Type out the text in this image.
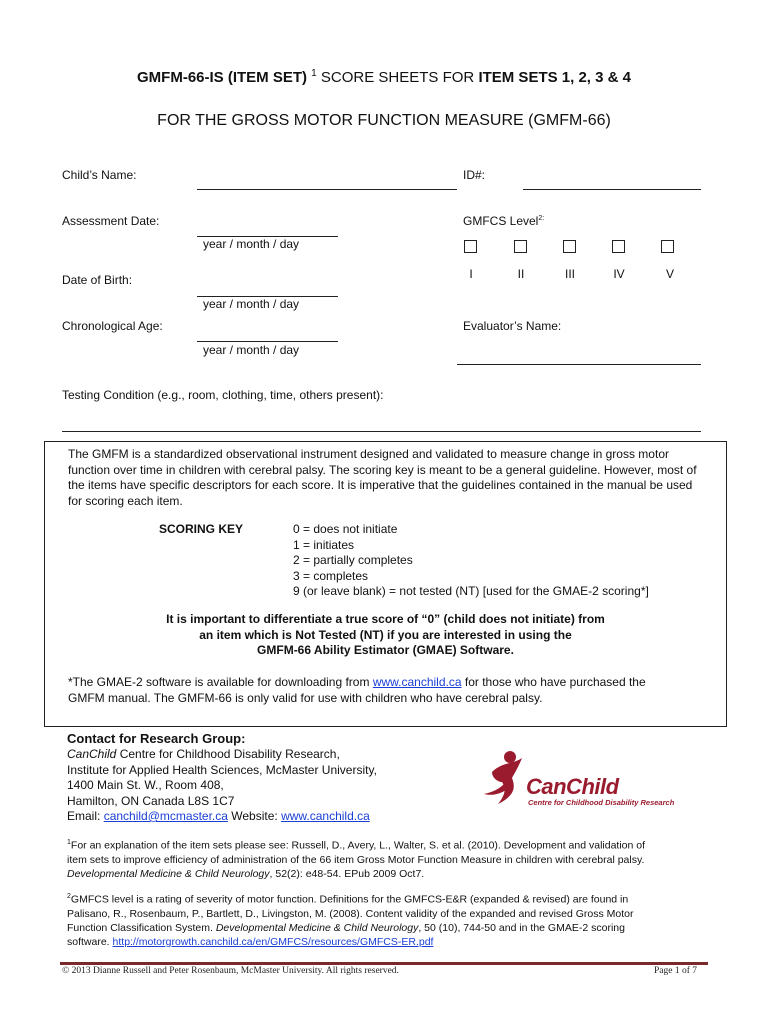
GMFM-66-IS (ITEM SET) $^1$ SCORE SHEETS FOR ITEM SETS 1, 2, 3 & 4
FOR THE GROSS MOTOR FUNCTION MEASURE (GMFM-66)
Child’s Name:	ID#:
Assessment Date:
year / month / day
GMFCS Level$^{2:}$
I	II	III	IV	V
Date of Birth:
year / month / day
Chronological Age:
year / month / day
Evaluator’s Name:
Testing Condition (e.g., room, clothing, time, others present):
The GMFM is a standardized observational instrument designed and validated to measure change in gross motor function over time in children with cerebral palsy. The scoring key is meant to be a general guideline. However, most of the items have specific descriptors for each score. It is imperative that the guidelines contained in the manual be used for scoring each item.
SCORING KEY	0 = does not initiate
1 = initiates
2 = partially completes
3 = completes
9 (or leave blank) = not tested (NT) [used for the GMAE-2 scoring*]
It is important to differentiate a true score of “0” (child does not initiate) from
an item which is Not Tested (NT) if you are interested in using the
GMFM-66 Ability Estimator (GMAE) Software.
*The GMAE-2 software is available for downloading from www.canchild.ca for those who have purchased the
GMFM manual. The GMFM-66 is only valid for use with children who have cerebral palsy.
Contact for Research Group:
CanChild Centre for Childhood Disability Research,
Institute for Applied Health Sciences, McMaster University,
1400 Main St. W., Room 408,
Hamilton, ON Canada L8S 1C7
Email: canchild@mcmaster.ca Website: www.canchild.ca
CanChild
Centre for Childhood Disability Research
$^1$For an explanation of the item sets please see: Russell, D., Avery, L., Walter, S. et al. (2010). Development and validation of
item sets to improve efficiency of administration of the 66 item Gross Motor Function Measure in children with cerebral palsy.
Developmental Medicine & Child Neurology, 52(2): e48-54. EPub 2009 Oct7.
$^2$GMFCS level is a rating of severity of motor function. Definitions for the GMFCS-E&R (expanded & revised) are found in
Palisano, R., Rosenbaum, P., Bartlett, D., Livingston, M. (2008). Content validity of the expanded and revised Gross Motor
Function Classification System. Developmental Medicine & Child Neurology, 50 (10), 744-50 and in the GMAE-2 scoring
software. http://motorgrowth.canchild.ca/en/GMFCS/resources/GMFCS-ER.pdf
© 2013 Dianne Russell and Peter Rosenbaum, McMaster University. All rights reserved.	Page 1 of 7
